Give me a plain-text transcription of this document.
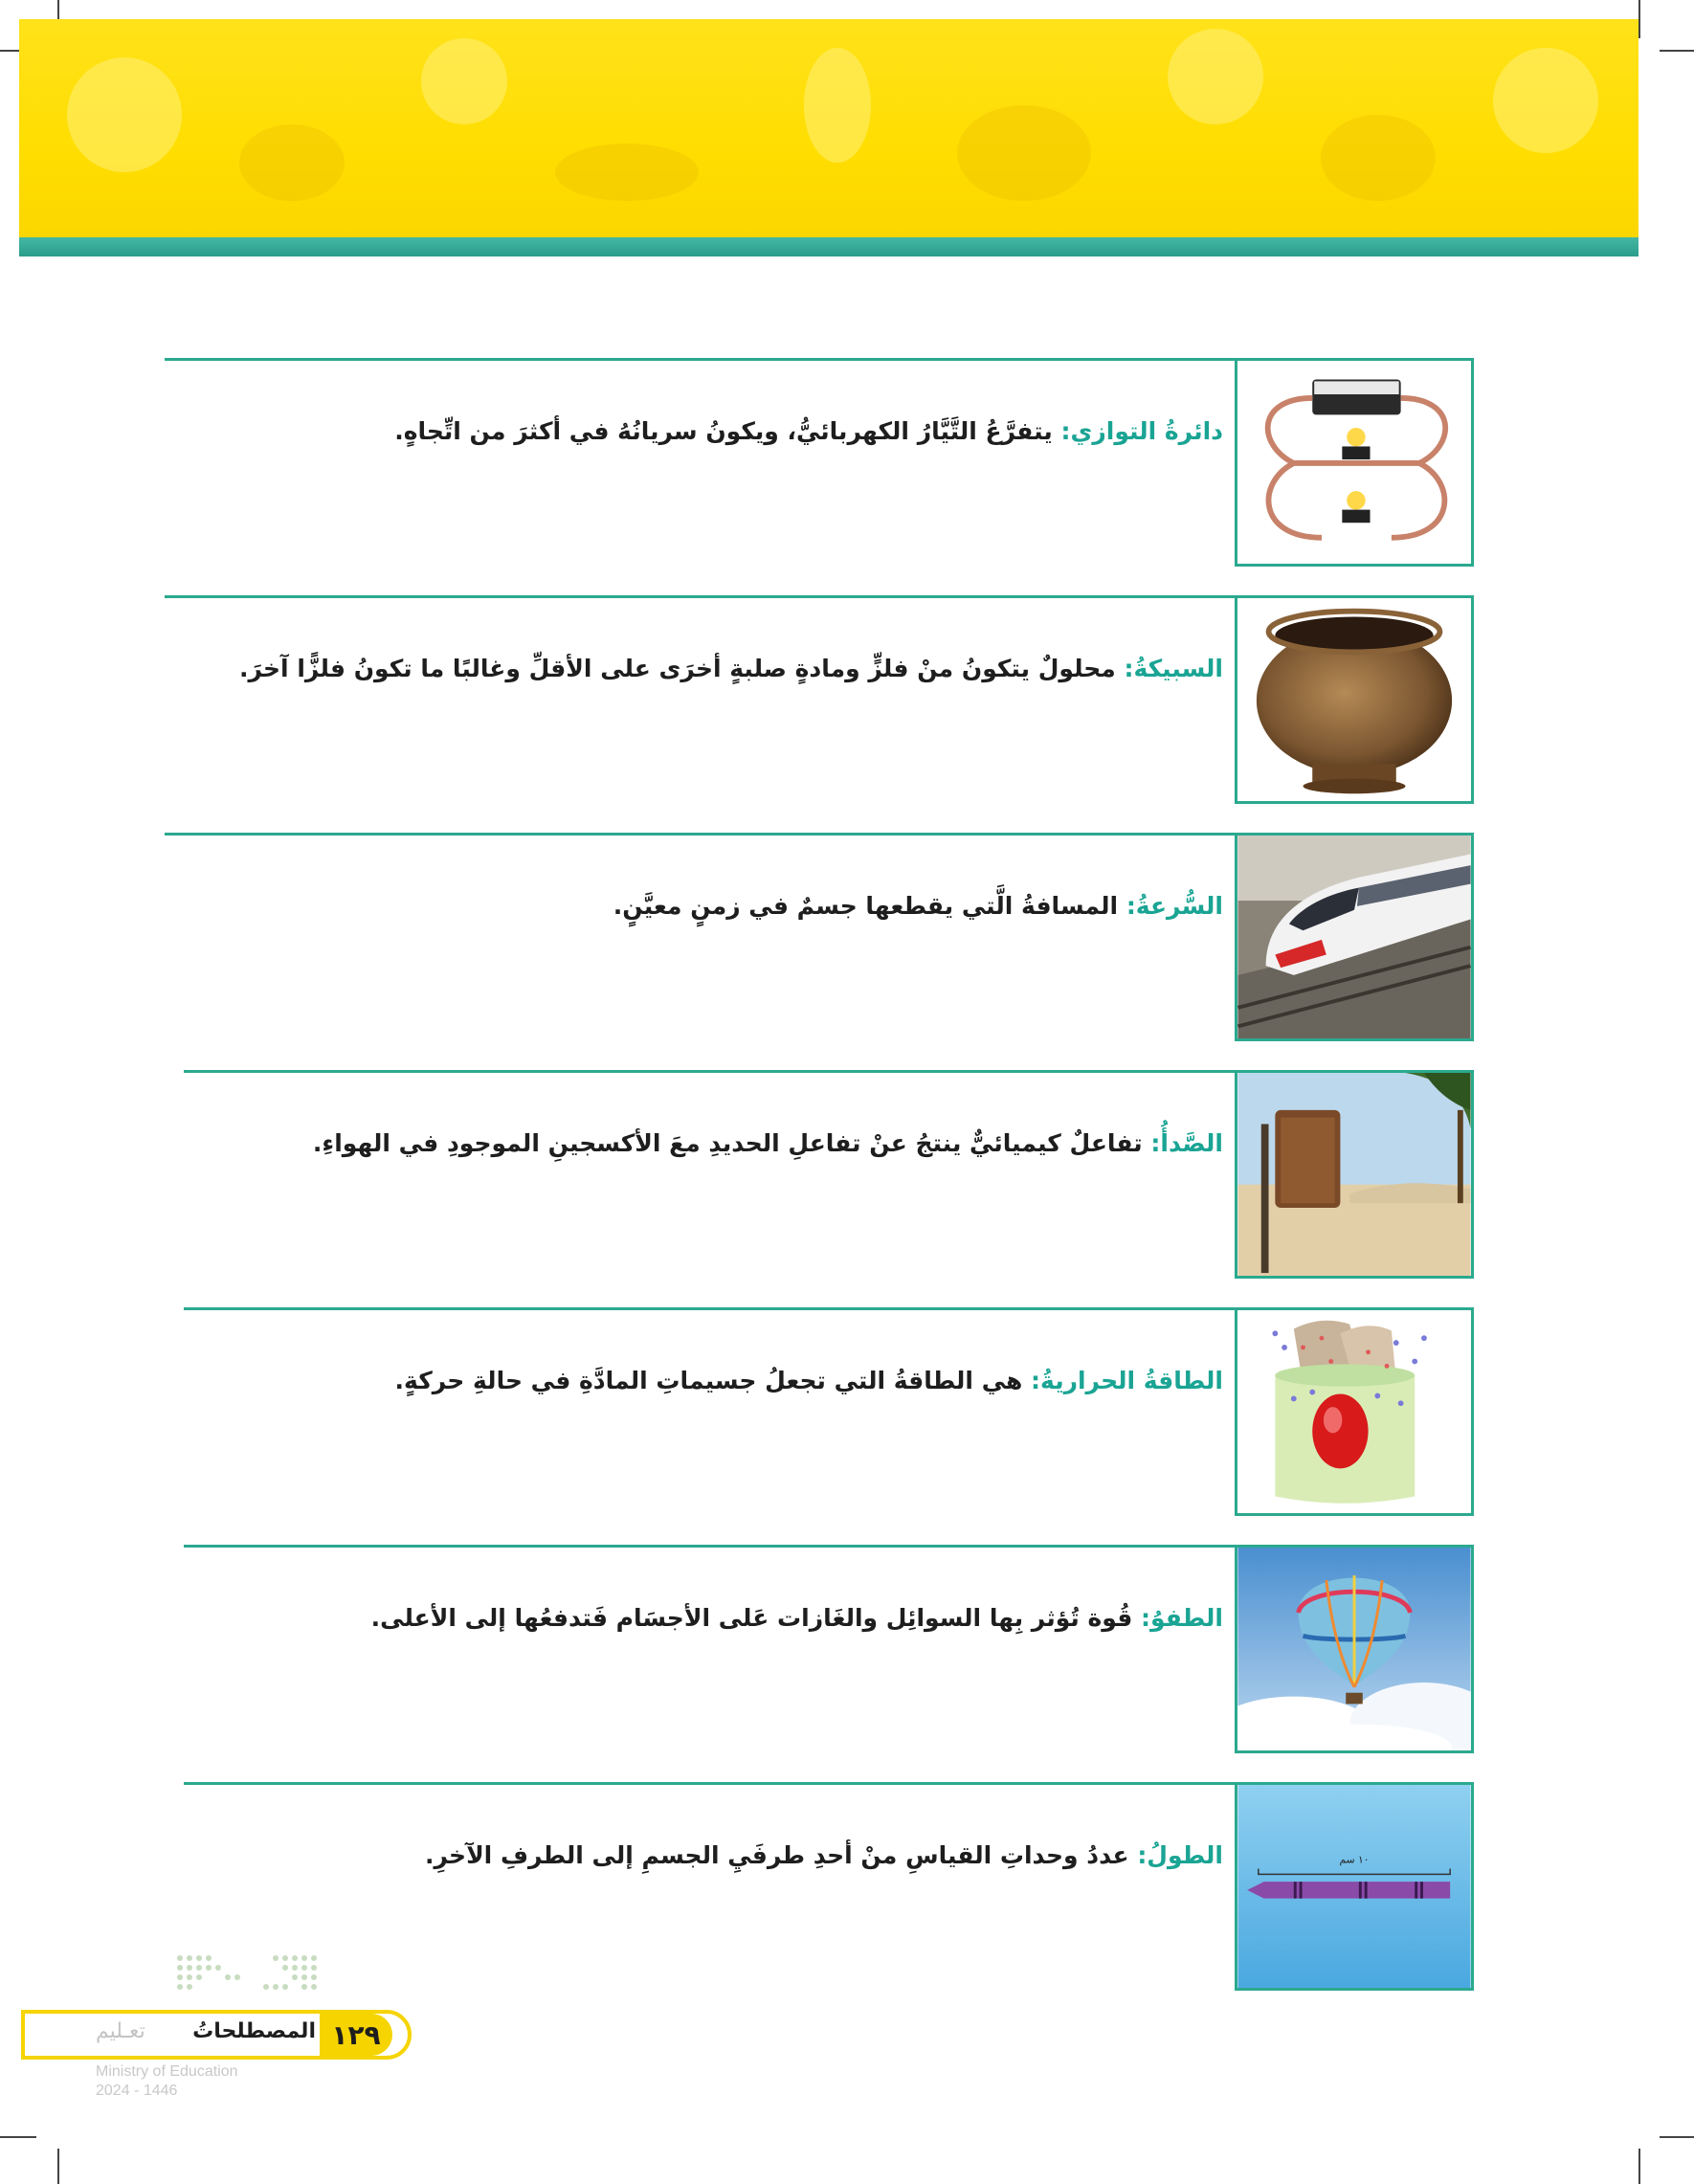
دائرةُ التوازي: يتفرَّعُ التَّيَّارُ الكهربائيُّ، ويكونُ سريانُهُ في أكثرَ من اتِّجاهٍ.
السبيكةُ: محلولٌ يتكونُ منْ فلزٍّ ومادةٍ صلبةٍ أخرَى على الأقلِّ وغالبًا ما تكونُ فلزًّا آخرَ.
السُّرعةُ: المسافةُ الَّتي يقطعها جسمٌ في زمنٍ معيَّنٍ.
الصَّدأُ: تفاعلٌ كيميائيٌّ ينتجُ عنْ تفاعلِ الحديدِ معَ الأكسجينِ الموجودِ في الهواءِ.
الطاقةُ الحراريةُ: هي الطاقةُ التي تجعلُ جسيماتِ المادَّةِ في حالةِ حركةٍ.
الطفوُ: قُوة تُؤثر بِها السوائِل والغَازات عَلى الأجسَام فَتدفعُها إلى الأعلى.
الطولُ: عددُ وحداتِ القياسِ منْ أحدِ طرفَيِ الجسمِ إلى الطرفِ الآخرِ.	١٠ سم
١٢٩
المصطلحاتُ
تعـليم
Ministry of Education
2024 - 1446
